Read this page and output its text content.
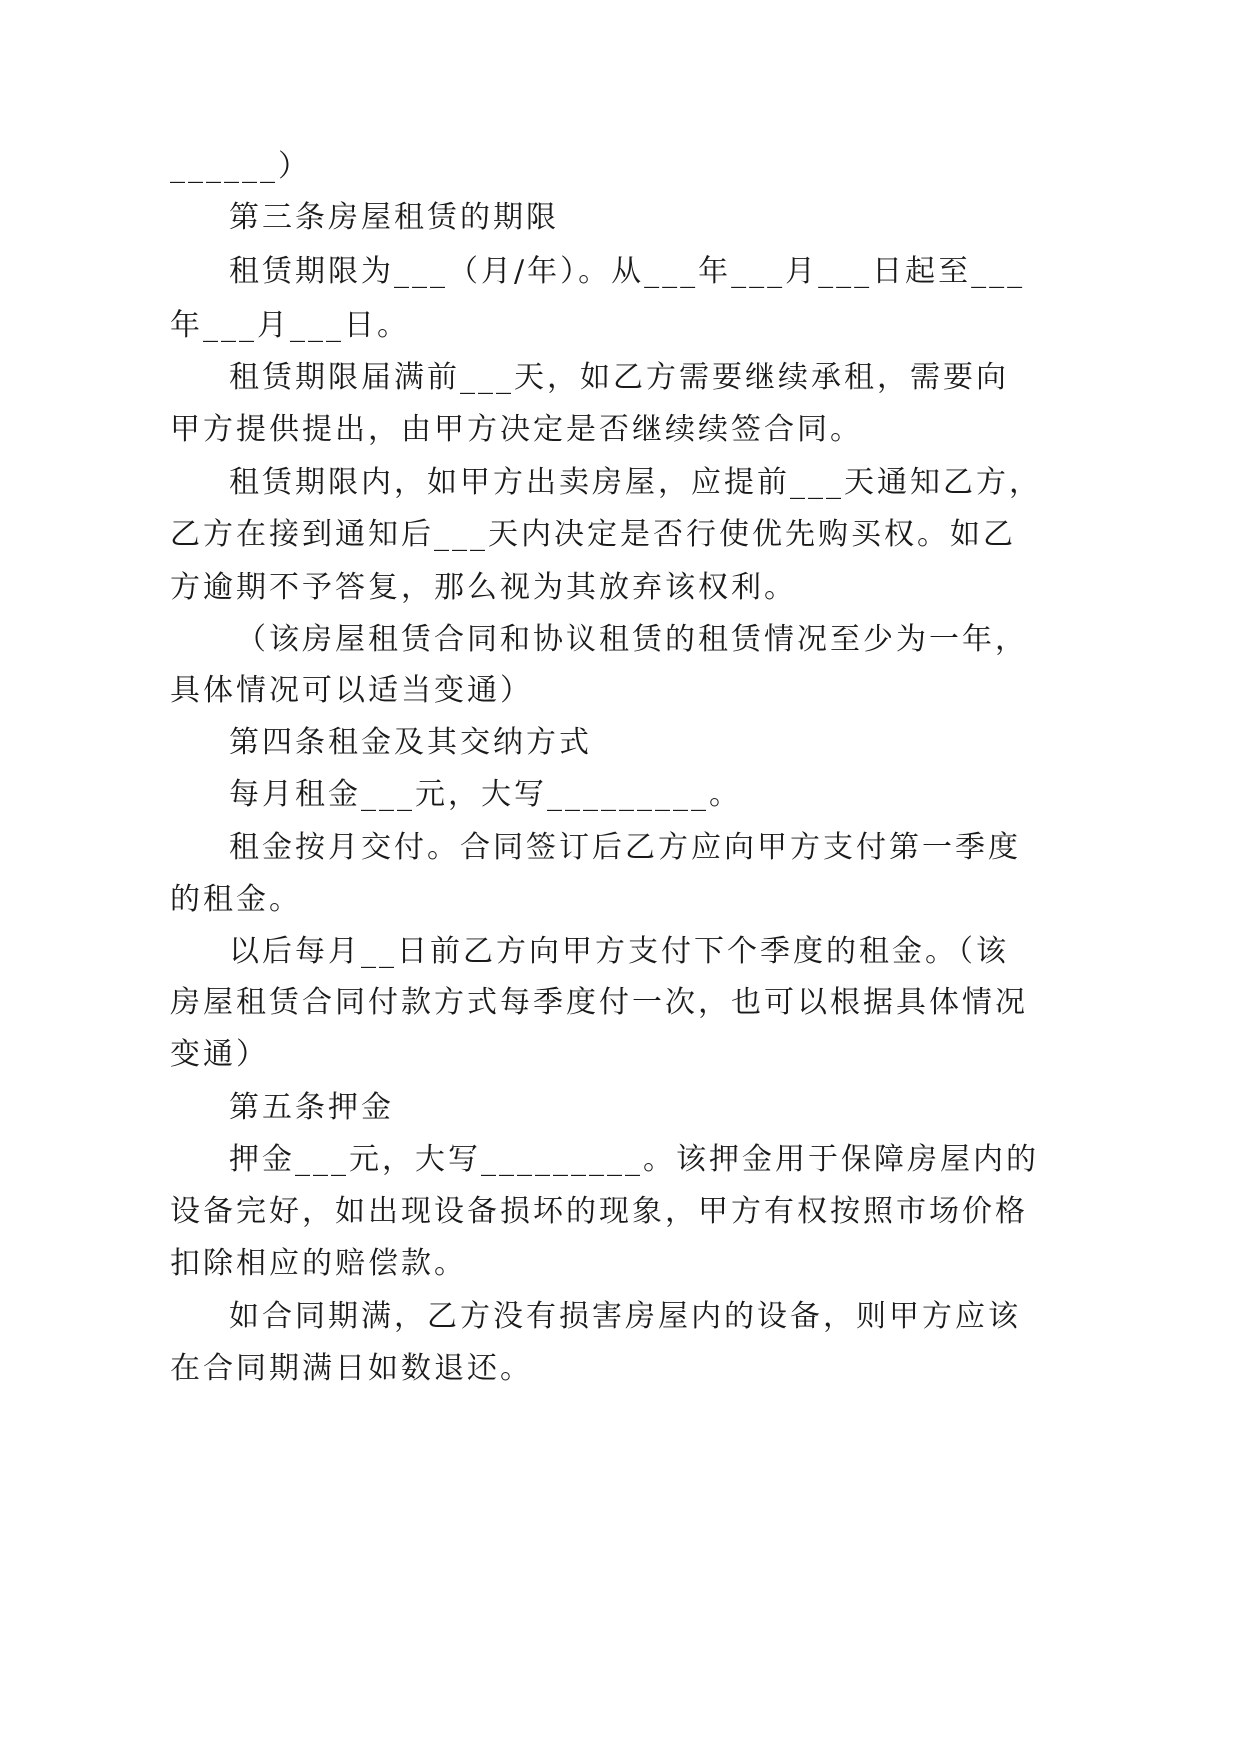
______）
第三条房屋租赁的期限
租赁期限为___（月/年）。从___年___月___日起至___
年___月___日。
租赁期限届满前___天，如乙方需要继续承租，需要向
甲方提供提出，由甲方决定是否继续续签合同。
租赁期限内，如甲方出卖房屋，应提前___天通知乙方，
乙方在接到通知后___天内决定是否行使优先购买权。如乙
方逾期不予答复，那么视为其放弃该权利。
（该房屋租赁合同和协议租赁的租赁情况至少为一年，
具体情况可以适当变通）
第四条租金及其交纳方式
每月租金___元，大写_________。
租金按月交付。合同签订后乙方应向甲方支付第一季度
的租金。
以后每月__日前乙方向甲方支付下个季度的租金。（该
房屋租赁合同付款方式每季度付一次，也可以根据具体情况
变通）
第五条押金
押金___元，大写_________。该押金用于保障房屋内的
设备完好，如出现设备损坏的现象，甲方有权按照市场价格
扣除相应的赔偿款。
如合同期满，乙方没有损害房屋内的设备，则甲方应该
在合同期满日如数退还。
